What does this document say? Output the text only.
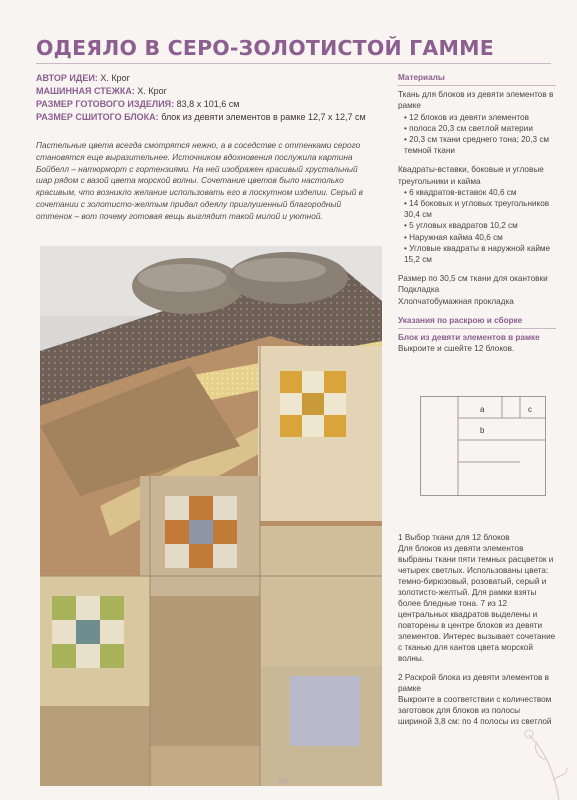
ОДЕЯЛО В СЕРО-ЗОЛОТИСТОЙ ГАММЕ
АВТОР ИДЕИ: Х. Крог
МАШИННАЯ СТЕЖКА: Х. Крог
РАЗМЕР ГОТОВОГО ИЗДЕЛИЯ: 83,8 х 101,6 см
РАЗМЕР СШИТОГО БЛОКА: блок из девяти элементов в рамке 12,7 х 12,7 см

Пастельные цвета всегда смотрятся нежно, а в соседстве с оттенками серого становятся еще выразительнее. Источником вдохновения послужила картина Бойбелл – натюрморт с гортензиями. На ней изображен красивый хрустальный шар рядом с вазой цвета морской волны. Сочетание цветов было настолько красивым, что возникло желание использовать его в лоскутном изделии. Серый в сочетании с золотисто-желтым придал одеялу приглушенный благородный оттенок – вот почему готовая вещь выглядит такой милой и уютной.

Материалы

Ткань для блоков из девяти элементов в рамке

• 12 блоков из девяти элементов

• полоса 20,3 см светлой материи

• 20,3 см ткани среднего тона; 20,3 см темной ткани

Квадраты-вставки, боковые и угловые треугольники и кайма

• 6 квадратов-вставок 40,6 см

• 14 боковых и угловых треугольников 30,4 см

• 5 угловых квадратов 10,2 см

• Наружная кайма 40,6 см

• Угловые квадраты в наружной кайме 15,2 см

Размер по 30,5 см ткани для окантовки

Подкладка

Хлопчатобумажная прокладка

Указания по раскрою и сборке

Блок из девяти элементов в рамке

Выкроите и сшейте 12 блоков.

a
b
c

1 Выбор ткани для 12 блоков

Для блоков из девяти элементов выбраны ткани пяти темных расцветок и четырех светлых. Использованы цвета: темно-бирюзовый, розоватый, серый и золотисто-желтый. Для рамки взяты более бледные тона. 7 из 12 центральных квадратов выделены и повторены в центре блоков из девяти элементов. Интерес вызывает сочетание с тканью для кантов цвета морской волны.

2 Раскрой блока из девяти элементов в рамке

Выкроите в соответствии с количеством заготовок для блоков из полосы шириной 3,8 см: по 4 полосы из светлой

26
